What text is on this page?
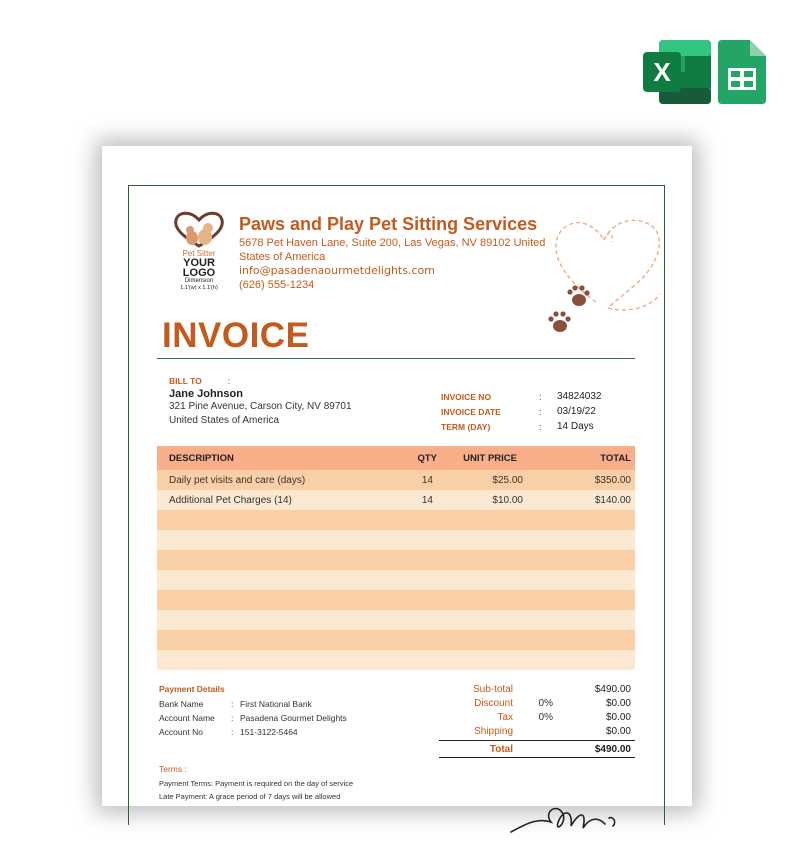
X
Pet Sitter
YOUR
LOGO
Dimension
1.1'(w) x 1.1'(h)
Paws and Play Pet Sitting Services
5678 Pet Haven Lane, Suite 200, Las Vegas, NV 89102 United States of America
info@pasadenaourmetdelights.com
(626) 555-1234
INVOICE
BILL TO	:
Jane Johnson
321 Pine Avenue, Carson City, NV 89701
United States of America
INVOICE NO	:	34824032
INVOICE DATE	:	03/19/22
TERM (DAY)	:	14 Days
DESCRIPTION	QTY	UNIT PRICE	TOTAL
Daily pet visits and care (days)	14	$25.00	$350.00
Additional Pet Charges (14)	14	$10.00	$140.00
Payment Details
Bank Name	: First National Bank
Account Name	: Pasadena Gourmet Delights
Account No	: 151-3122-5464
Sub-total	$490.00
Discount	0%	$0.00
Tax	0%	$0.00
Shipping	$0.00
Total	$490.00
Terms :
Payment Terms: Payment is required on the day of service
Late Payment: A grace period of 7 days will be allowed
